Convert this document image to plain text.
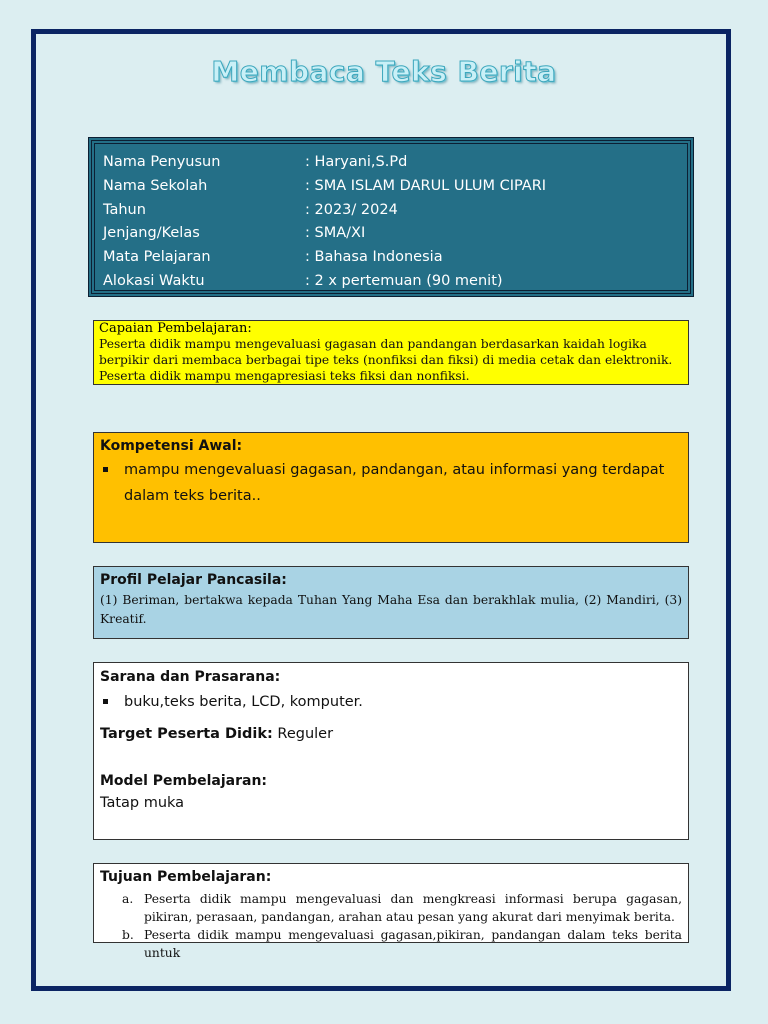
Membaca Teks Berita
Nama Penyusun	: Haryani,S.Pd
Nama Sekolah	: SMA ISLAM DARUL ULUM CIPARI
Tahun	: 2023/ 2024
Jenjang/Kelas	: SMA/XI
Mata Pelajaran	: Bahasa Indonesia
Alokasi Waktu	: 2 x pertemuan (90 menit)
Capaian Pembelajaran:
Peserta didik mampu mengevaluasi gagasan dan pandangan berdasarkan kaidah logika berpikir dari membaca berbagai tipe teks (nonfiksi dan fiksi) di media cetak dan elektronik. Peserta didik mampu mengapresiasi teks fiksi dan nonfiksi.
Kompetensi Awal:
mampu mengevaluasi gagasan, pandangan, atau informasi yang terdapat dalam teks berita..
Profil Pelajar Pancasila:
(1) Beriman, bertakwa kepada Tuhan Yang Maha Esa dan berakhlak mulia, (2) Mandiri, (3) Kreatif.
Sarana dan Prasarana:
buku,teks berita, LCD, komputer.
Target Peserta Didik: Reguler
Model Pembelajaran:
Tatap muka
Tujuan Pembelajaran:
a. Peserta didik mampu mengevaluasi dan mengkreasi informasi berupa gagasan, pikiran, perasaan, pandangan, arahan atau pesan yang akurat dari menyimak berita.
b. Peserta didik mampu mengevaluasi gagasan,pikiran, pandangan dalam teks berita untuk
